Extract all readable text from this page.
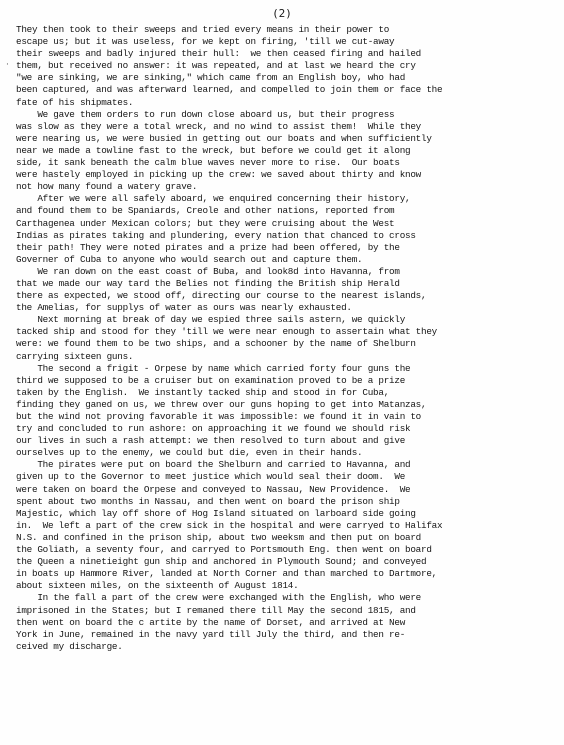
(2)
·
They then took to their sweeps and tried every means in their power to
escape us; but it was useless, for we kept on firing, 'till we cut-away
their sweeps and badly injured their hull:  we then ceased firing and hailed
them, but received no answer: it was repeated, and at last we heard the cry
"we are sinking, we are sinking," which came from an English boy, who had
been captured, and was afterward learned, and compelled to join them or face the
fate of his shipmates.
We gave them orders to run down close aboard us, but their progress
was slow as they were a total wreck, and no wind to assist them!  While they
were nearing us, we were busied in getting out our boats and when sufficiently
near we made a towline fast to the wreck, but before we could get it along
side, it sank beneath the calm blue waves never more to rise.  Our boats
were hastely employed in picking up the crew: we saved about thirty and know
not how many found a watery grave.
After we were all safely aboard, we enquired concerning their history,
and found them to be Spaniards, Creole and other nations, reported from
Carthagenea under Mexican colors; but they were cruising about the West
Indias as pirates taking and plundering, every nation that chanced to cross
their path! They were noted pirates and a prize had been offered, by the
Governer of Cuba to anyone who would search out and capture them.
We ran down on the east coast of Buba, and look8d into Havanna, from
that we made our way tard the Belies not finding the British ship Herald
there as expected, we stood off, directing our course to the nearest islands,
the Amelias, for supplys of water as ours was nearly exhausted.
Next morning at break of day we espied three sails astern, we quickly
tacked ship and stood for they 'till we were near enough to assertain what they
were: we found them to be two ships, and a schooner by the name of Shelburn
carrying sixteen guns.
The second a frigit - Orpese by name which carried forty four guns the
third we supposed to be a cruiser but on examination proved to be a prize
taken by the English.  We instantly tacked ship and stood in for Cuba,
finding they ganed on us, we threw over our guns hoping to get into Matanzas,
but the wind not proving favorable it was impossible: we found it in vain to
try and concluded to run ashore: on approaching it we found we should risk
our lives in such a rash attempt: we then resolved to turn about and give
ourselves up to the enemy, we could but die, even in their hands.
The pirates were put on board the Shelburn and carried to Havanna, and
given up to the Governor to meet justice which would seal their doom.  We
were taken on board the Orpese and conveyed to Nassau, New Providence.  We
spent about two months in Nassau, and then went on board the prison ship
Majestic, which lay off shore of Hog Island situated on larboard side going
in.  We left a part of the crew sick in the hospital and were carryed to Halifax
N.S. and confined in the prison ship, about two weeksm and then put on board
the Goliath, a seventy four, and carryed to Portsmouth Eng. then went on board
the Queen a ninetieight gun ship and anchored in Plymouth Sound; and conveyed
in boats up Hammore River, landed at North Corner and than marched to Dartmore,
about sixteen miles, on the sixteenth of August 1814.
In the fall a part of the crew were exchanged with the English, who were
imprisoned in the States; but I remaned there till May the second 1815, and
then went on board the c artite by the name of Dorset, and arrived at New
York in June, remained in the navy yard till July the third, and then re-
ceived my discharge.
